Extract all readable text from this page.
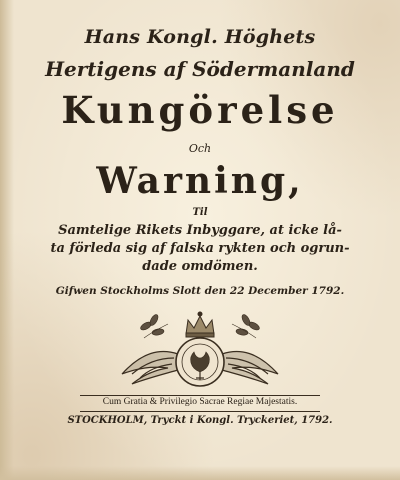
Hans Kongl. Höghets
Hertigens af Södermanland
Kungörelse
Och
Warning,
Til
Samtelige Rikets Inbyggare, at icke lå-
ta förleda sig af falska rykten och ogrun-
dade omdömen.
Gifwen Stockholms Slott den 22 December 1792.
Cum Gratia & Privilegio Sacrae Regiae Majestatis.
STOCKHOLM, Tryckt i Kongl. Tryckeriet, 1792.
